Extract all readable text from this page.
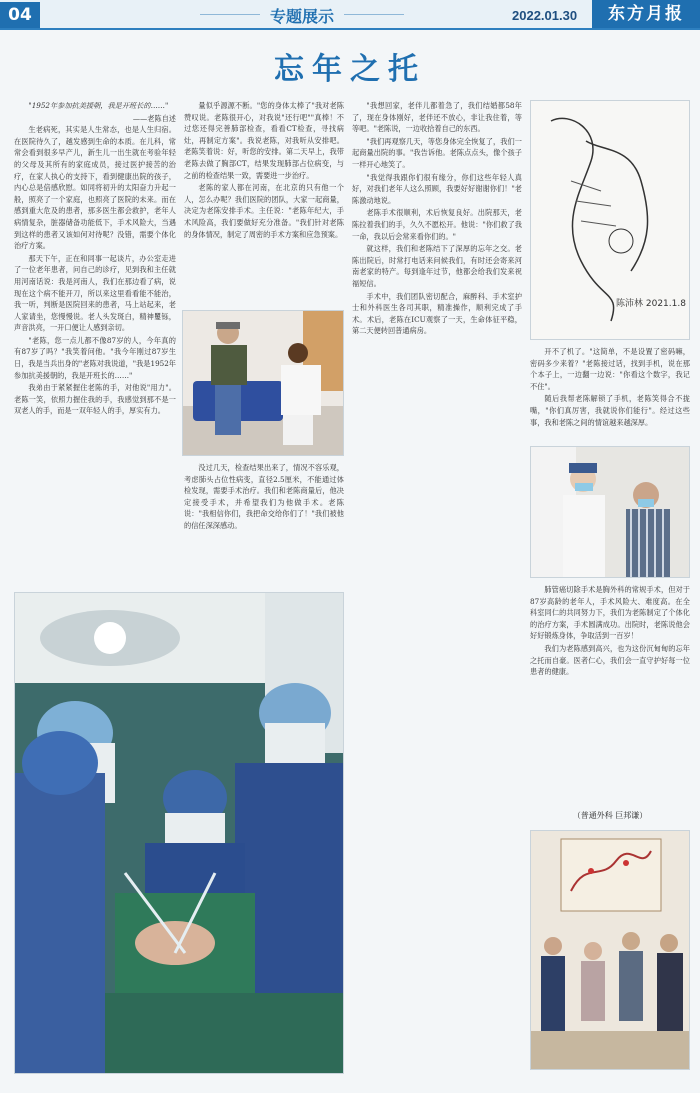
04	专题展示	2022.01.30	东方月报
忘年之托

"1952年参加抗美援朝，我是开班长的……"

——老陈自述

生老病死，其实是人生常态，也是人生归宿。在医院待久了，越发感到生命的本质。在儿科，常常会看到很多早产儿，新生儿一出生就在考验年轻的父母及其所有的家庭成员，接过医护接苦的治疗，在家人执心的支持下，看到健康出院的孩子，内心总是倍感欣慰。如同将初升的太阳奋力升起一般，照亮了一个家庭，也照亮了医院的未来。而在感到重大危及的患者，那多医生都会救护，老年人病情复杂，脏器储备功能低下，手术风险大，当遇到这样的患者又该如何对待呢？没错，需要个体化治疗方案。

那天下午，正在和同事一起谈片，办公室走进了一位老年患者，问自己的诊疗，见到我和主任就用河南话说：我是河南人，我们在那边看了病，说现在这个病不能开刀，所以来这里看看能不能治，我一听，判断是医院回来的患者，马上站起来，老人家请坐，您慢慢说。老人头发斑白，精神矍铄，声音洪亮，一开口便让人感到亲切。

"老陈，您一点儿都不像87岁的人，今年真的有87岁了吗？"我笑着问他。"我今年刚过87岁生日，我是当兵出身的"老陈对我说道，"我是1952年参加抗美援朝的，我是开班长的……"

我弟由于紧紧握住老陈的手，对他说"用力"。老陈一笑，依照力握住我的手，我感觉到那不是一双老人的手，而是一双年轻人的手，厚实有力。

量似乎源源不断。"您的身体太棒了"我对老陈赞叹说。老陈很开心，对我说"还行吧""真棒！不过您还得完善肺部检查，看看CT检查，寻找病灶，再制定方案"。我说老陈，对我听从安排吧。老陈笑着说：好，听您的安排。第二天早上，我带老陈去做了胸部CT，结果发现肺部占位病变，与之前的检查结果一致，需要进一步治疗。

老陈的家人都在河南，在北京的只有他一个人，怎么办呢？我们医院的团队，大家一起商量，决定为老陈安排手术。主任说："老陈年纪大，手术风险高，我们要做好充分准备。"我们针对老陈的身体情况，制定了周密的手术方案和应急预案。

没过几天，检查结果出来了，情况不容乐观，考虑肺头占位性病变，直径2.5厘米，不能通过体检发现，需要手术治疗。我们和老陈商量后，他决定接受手术，并希望我们为他做手术。老陈说："我相信你们，我把命交给你们了！"我们被他的信任深深感动。

"我想回家，老伴儿都着急了，我们结婚都58年了，现在身体刚好，老伴还不放心，非让我住着，等等吧。"老陈说，一边收拾着自己的东西。

"我们再观察几天，等您身体完全恢复了，我们一起商量出院的事。"我告诉他。老陈点点头，像个孩子一样开心地笑了。

"我觉得我跟你们很有缘分，你们这些年轻人真好，对我们老年人这么照顾，我要好好谢谢你们！"老陈激动地说。

老陈手术很顺利，术后恢复良好。出院那天，老陈拉着我们的手，久久不愿松开。他说："你们救了我一命，我以后会常来看你们的。"

就这样，我们和老陈结下了深厚的忘年之交。老陈出院后，时常打电话来问候我们，有时还会寄来河南老家的特产。每到逢年过节，他都会给我们发来祝福短信。

手术中，我们团队密切配合，麻醉科、手术室护士和外科医生各司其职，精准操作，顺利完成了手术。术后，老陈在ICU观察了一天，生命体征平稳，第二天便转回普通病房。

陈沛林 2021.1.8

开不了机了。"这简单，不是设置了密码嘛，密码多少来着？"老陈接过话，找到手机，说在那个本子上，一边翻一边说："你看这个数字，我记不住"。

随后我帮老陈解锁了手机，老陈笑得合不拢嘴，"你们真厉害，我就说你们能行"。经过这些事，我和老陈之间的情谊越来越深厚。

肺管癌切除手术是胸外科的常规手术，但对于87岁高龄的老年人，手术风险大、难度高。在全科室同仁的共同努力下，我们为老陈制定了个体化的治疗方案，手术圆满成功。出院时，老陈说他会好好锻炼身体，争取活到一百岁！

我们为老陈感到高兴，也为这份沉甸甸的忘年之托而自豪。医者仁心，我们会一直守护好每一位患者的健康。

（普通外科 巨邦谦）
